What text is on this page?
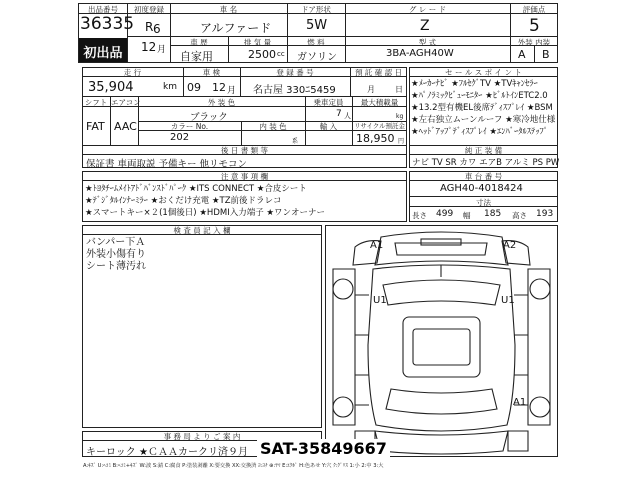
出品番号
36335
初出品
初度登録
R 6
12 月
車 名
アルファード
ドア形状
5W
グ レ ー ド
Z
評価点
5
車 歴
自家用
排 気 量
2500 cc
燃 料
ガソリン
型 式
3BA-AGH40W
外装 内装
A B
走 行
35,904	km
車 検
09 12 月
登 録 番 号
名古屋 330ﾆ5459
預 託 確 認 日
月	日
シフト
FAT
エアコン
AAC
外 装 色
ブラック
乗車定員
7 人
最大積載量
kg
カラー No.
202
内 装 色
系
輸 入	リサイクル預託金
18,950 円
後 日 書 類 等
保証書 車両取説 予備キー 他リモコン
セ ー ル ス ポ イ ン ト
★ﾒｰｶｰﾅﾋﾞ ★ﾌﾙｾｸﾞTV ★TVｷｬﾝｾﾗｰ
★ﾊﾟﾉﾗﾐｯｸﾋﾞｭｰﾓﾆﾀｰ ★ﾋﾞﾙﾄｲﾝETC2.0
★13.2型有機EL後席ﾃﾞｨｽﾌﾟﾚｲ ★BSM
★左右独立ムーンルーフ ★寒冷地仕様
★ﾍｯﾄﾞｱｯﾌﾟﾃﾞｨｽﾌﾟﾚｲ ★ｴﾝﾊﾞｰﾀﾙｽﾃｯﾌﾟ
純 正 装 備
ナビ TV SR カワ エアB アルミ PS PW
注 意 事 項 欄
★ﾄﾖﾀﾁｰﾑﾒｲﾄｱﾄﾞﾊﾞﾝｽﾄﾞﾊﾟｰｸ ★ITS CONNECT ★合皮シート
★ﾃﾞｼﾞﾀﾙｲﾝﾅｰﾐﾗｰ ★おくだけ充電 ★TZ前後ドラレコ
★スマートキー×２(1個後日) ★HDMI入力端子 ★ワンオーナー
車 台 番 号
AGH40-4018424
寸法
長さ 499 幅 185 高さ 193
検 査 員 記 入 欄
バンパー下Ａ
外装小傷有り
シート薄汚れ
A1	A2
U1	U1
A1
事 務 局 よ り ご 案 内
キーロック ★ＣＡＡカークリ済９月 SAT-35849667
A:ｷｽﾞ U:ﾍｺﾐ B:ﾍｺﾐ+ｷｽﾞ W:波 S:錆 C:腐食 P:塗装剥離 X:要交換 XX:交換済 ﾖ:ﾖﾁ ⊕:ﾔﾏ E:ｴｸﾎﾞ H:色あせ Y:穴 ｸ:ｸﾞﾘｽ 1:小 2:中 3:大
